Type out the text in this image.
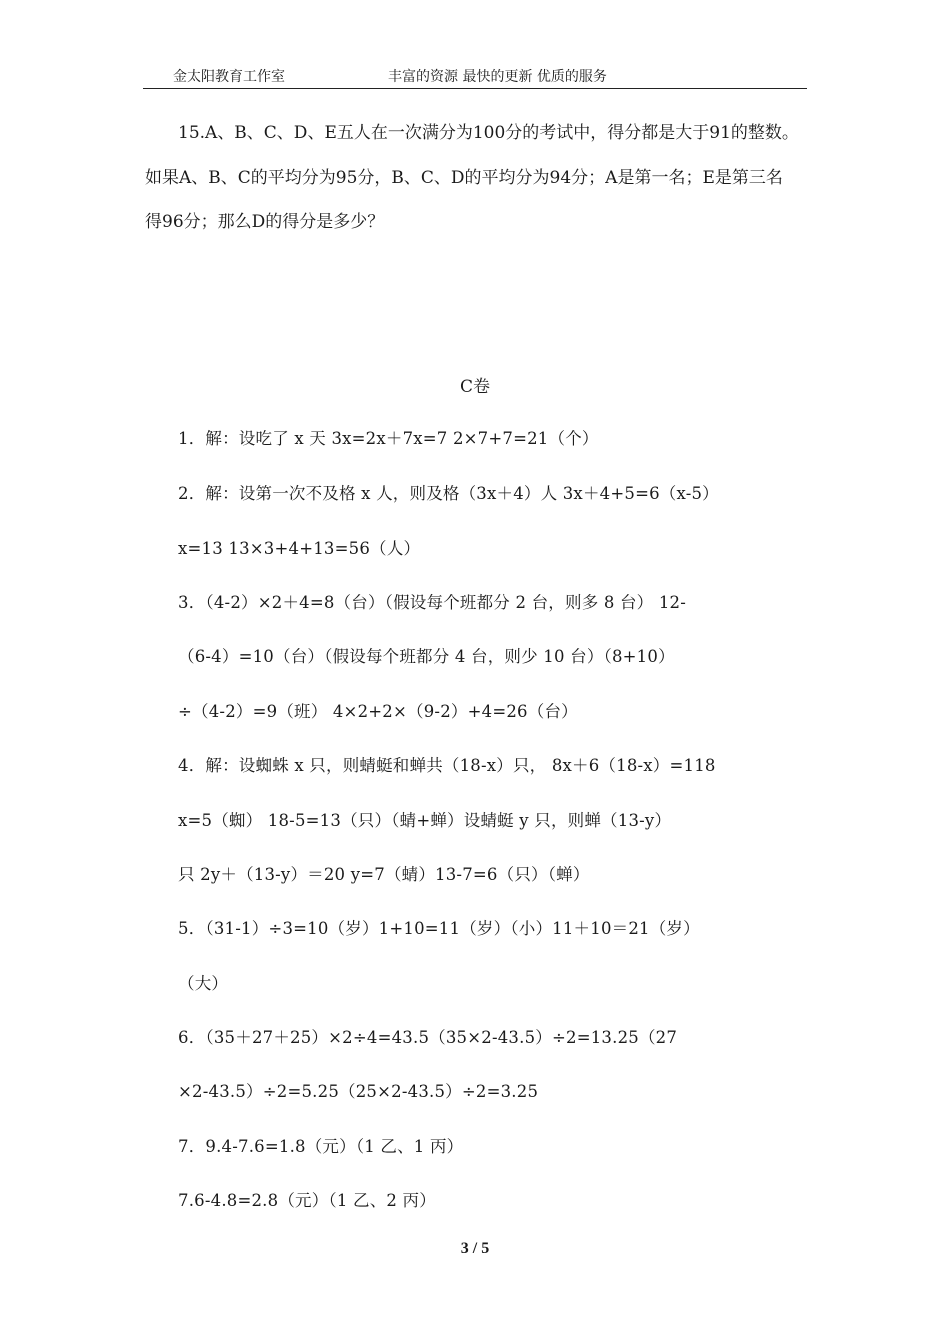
金太阳教育工作室	丰富的资源 最快的更新 优质的服务
15.A、B、C、D、E五人在一次满分为100分的考试中，得分都是大于91的整数。
如果A、B、C的平均分为95分，B、C、D的平均分为94分；A是第一名；E是第三名
得96分；那么D的得分是多少？
C卷
1．解：设吃了 x 天 3x=2x＋7x=7 2×7+7=21（个）
2．解：设第一次不及格 x 人，则及格（3x＋4）人 3x＋4+5=6（x-5）
x=13 13×3+4+13=56（人）
3．（4-2）×2＋4=8（台）（假设每个班都分 2 台，则多 8 台） 12-
（6-4）=10（台）（假设每个班都分 4 台，则少 10 台）（8+10）
÷（4-2）=9（班） 4×2+2×（9-2）+4=26（台）
4．解：设蜘蛛 x 只，则蜻蜓和蝉共（18-x）只， 8x＋6（18-x）=118
x=5（蜘） 18-5=13（只）（蜻+蝉）设蜻蜓 y 只，则蝉（13-y）
只 2y＋（13-y）＝20 y=7（蜻）13-7=6（只）（蝉）
5．（31-1）÷3=10（岁）1+10=11（岁）（小）11＋10＝21（岁）
（大）
6．（35＋27＋25）×2÷4=43.5（35×2-43.5）÷2=13.25（27
×2-43.5）÷2=5.25（25×2-43.5）÷2=3.25
7．9.4-7.6=1.8（元）（1 乙、1 丙）
7.6-4.8=2.8（元）（1 乙、2 丙）
3 / 5
